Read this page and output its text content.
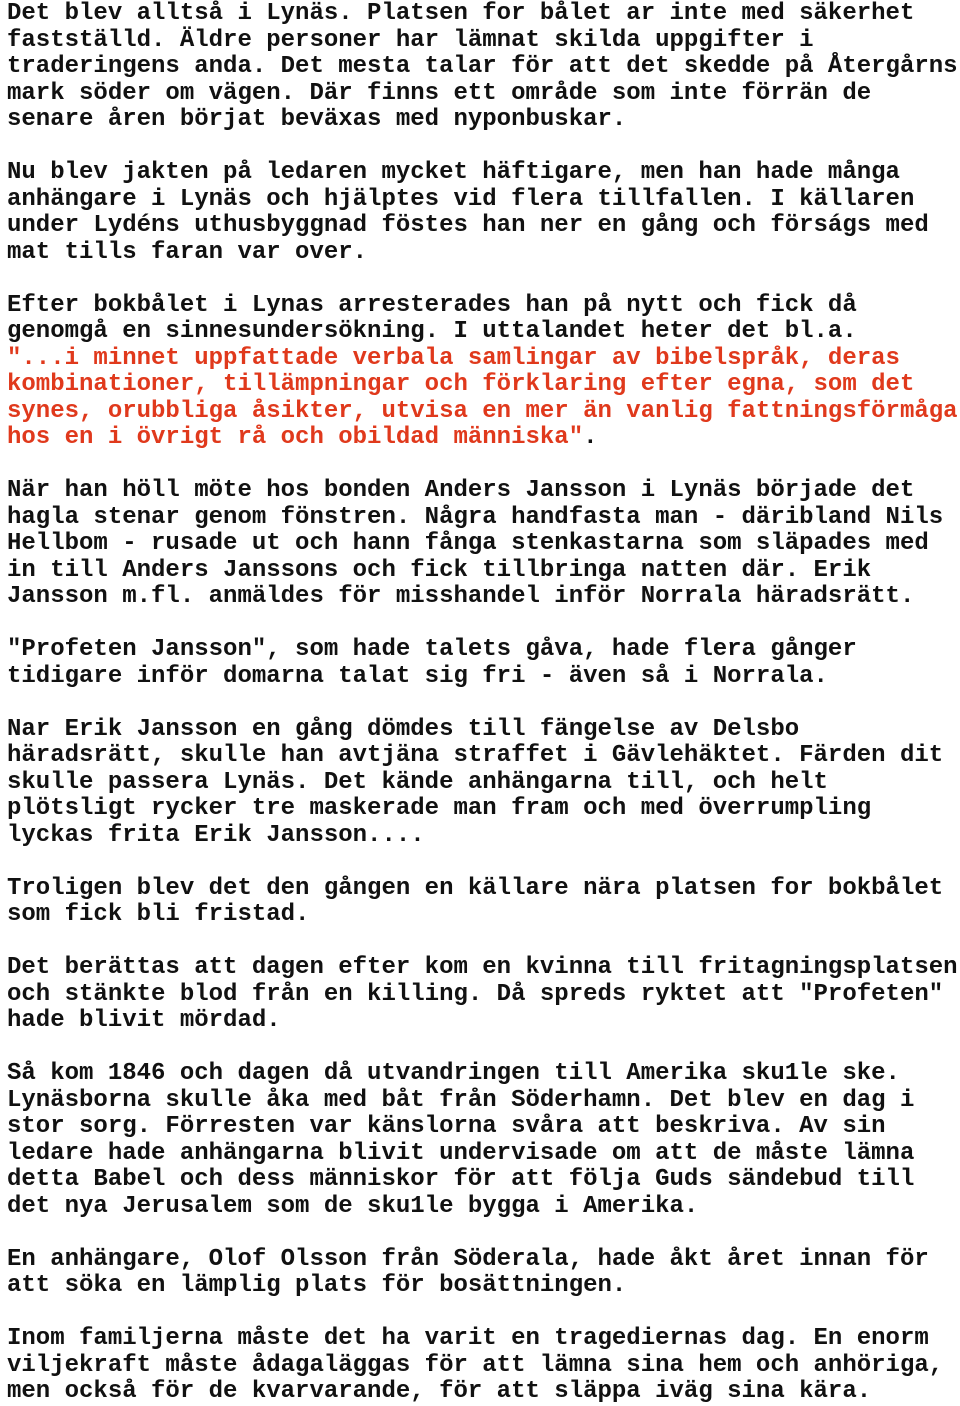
Det blev alltså i Lynäs. Platsen for bålet ar inte med säkerhet
fastställd. Äldre personer har lämnat skilda uppgifter i
traderingens anda. Det mesta talar för att det skedde på Återgårns
mark söder om vägen. Där finns ett område som inte förrän de
senare åren börjat beväxas med nyponbuskar.

Nu blev jakten på ledaren mycket häftigare, men han hade många
anhängare i Lynäs och hjälptes vid flera tillfallen. I källaren
under Lydéns uthusbyggnad föstes han ner en gång och förságs med
mat tills faran var over.

Efter bokbålet i Lynas arresterades han på nytt och fick då
genomgå en sinnesundersökning. I uttalandet heter det bl.a.

"...i minnet uppfattade verbala samlingar av bibelspråk, deras
kombinationer, tillämpningar och förklaring efter egna, som det
synes, orubbliga åsikter, utvisa en mer än vanlig fattningsförmåga
hos en i övrigt rå och obildad människa".

När han höll möte hos bonden Anders Jansson i Lynäs började det
hagla stenar genom fönstren. Några handfasta man - däribland Nils
Hellbom - rusade ut och hann fånga stenkastarna som släpades med
in till Anders Janssons och fick tillbringa natten där. Erik
Jansson m.fl. anmäldes för misshandel inför Norrala häradsrätt.

"Profeten Jansson", som hade talets gåva, hade flera gånger
tidigare inför domarna talat sig fri - även så i Norrala.

Nar Erik Jansson en gång dömdes till fängelse av Delsbo
häradsrätt, skulle han avtjäna straffet i Gävlehäktet. Färden dit
skulle passera Lynäs. Det kände anhängarna till, och helt
plötsligt rycker tre maskerade man fram och med överrumpling
lyckas frita Erik Jansson....

Troligen blev det den gången en källare nära platsen for bokbålet
som fick bli fristad.

Det berättas att dagen efter kom en kvinna till fritagningsplatsen
och stänkte blod från en killing. Då spreds ryktet att "Profeten"
hade blivit mördad.

Så kom 1846 och dagen då utvandringen till Amerika sku1le ske.
Lynäsborna skulle åka med båt från Söderhamn. Det blev en dag i
stor sorg. Förresten var känslorna svåra att beskriva. Av sin
ledare hade anhängarna blivit undervisade om att de måste lämna
detta Babel och dess människor för att följa Guds sändebud till
det nya Jerusalem som de sku1le bygga i Amerika.

En anhängare, Olof Olsson från Söderala, hade åkt året innan för
att söka en lämplig plats för bosättningen.

Inom familjerna måste det ha varit en tragediernas dag. En enorm
viljekraft måste ådagaläggas för att lämna sina hem och anhöriga,
men också för de kvarvarande, för att släppa iväg sina kära.
